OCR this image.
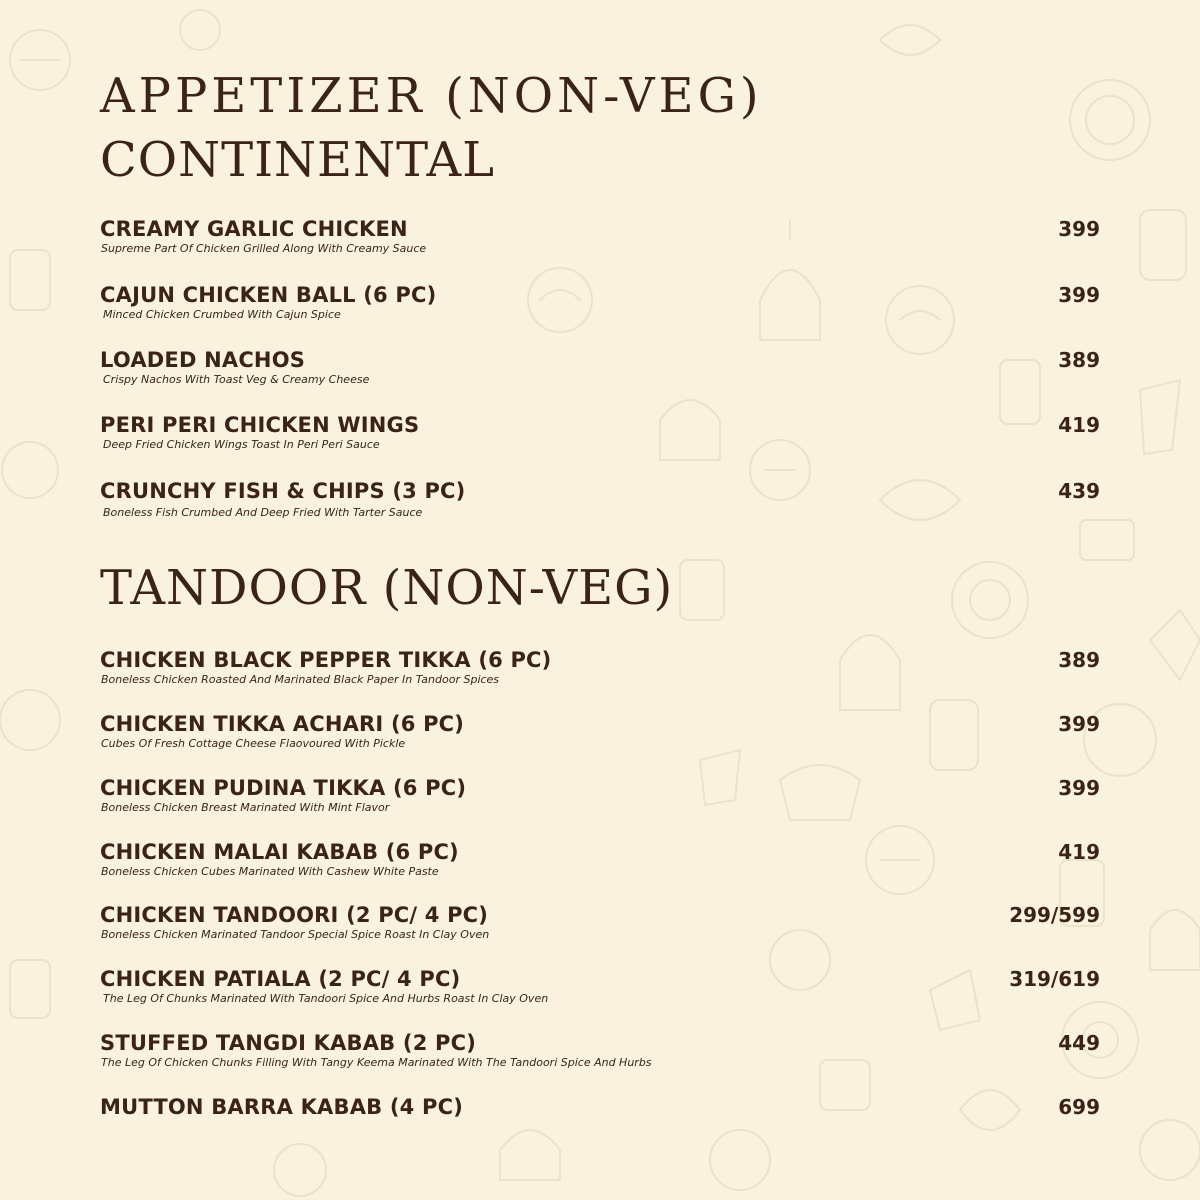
APPETIZER (NON-VEG)
CONTINENTAL
CREAMY GARLIC CHICKEN
Supreme Part Of Chicken Grilled Along With Creamy Sauce
399
CAJUN CHICKEN BALL (6 PC)
Minced Chicken Crumbed With Cajun Spice
399
LOADED NACHOS
Crispy Nachos With Toast Veg & Creamy Cheese
389
PERI PERI CHICKEN WINGS
Deep Fried Chicken Wings Toast In Peri Peri Sauce
419
CRUNCHY FISH & CHIPS (3 PC)
Boneless Fish Crumbed And Deep Fried With Tarter Sauce
439
TANDOOR (NON-VEG)
CHICKEN BLACK PEPPER TIKKA (6 PC)
Boneless Chicken Roasted And Marinated Black Paper In Tandoor Spices
389
CHICKEN TIKKA ACHARI (6 PC)
Cubes Of Fresh Cottage Cheese Flaovoured With Pickle
399
CHICKEN PUDINA TIKKA (6 PC)
Boneless Chicken Breast Marinated With Mint Flavor
399
CHICKEN MALAI KABAB (6 PC)
Boneless Chicken Cubes Marinated With Cashew White Paste
419
CHICKEN TANDOORI (2 PC/ 4 PC)
Boneless Chicken Marinated Tandoor Special Spice Roast In Clay Oven
299/599
CHICKEN PATIALA (2 PC/ 4 PC)
The Leg Of Chunks Marinated With Tandoori Spice And Hurbs Roast In Clay Oven
319/619
STUFFED TANGDI KABAB (2 PC)
The Leg Of Chicken Chunks Filling With Tangy Keema Marinated With The Tandoori Spice And Hurbs
449
MUTTON BARRA KABAB (4 PC)	699
